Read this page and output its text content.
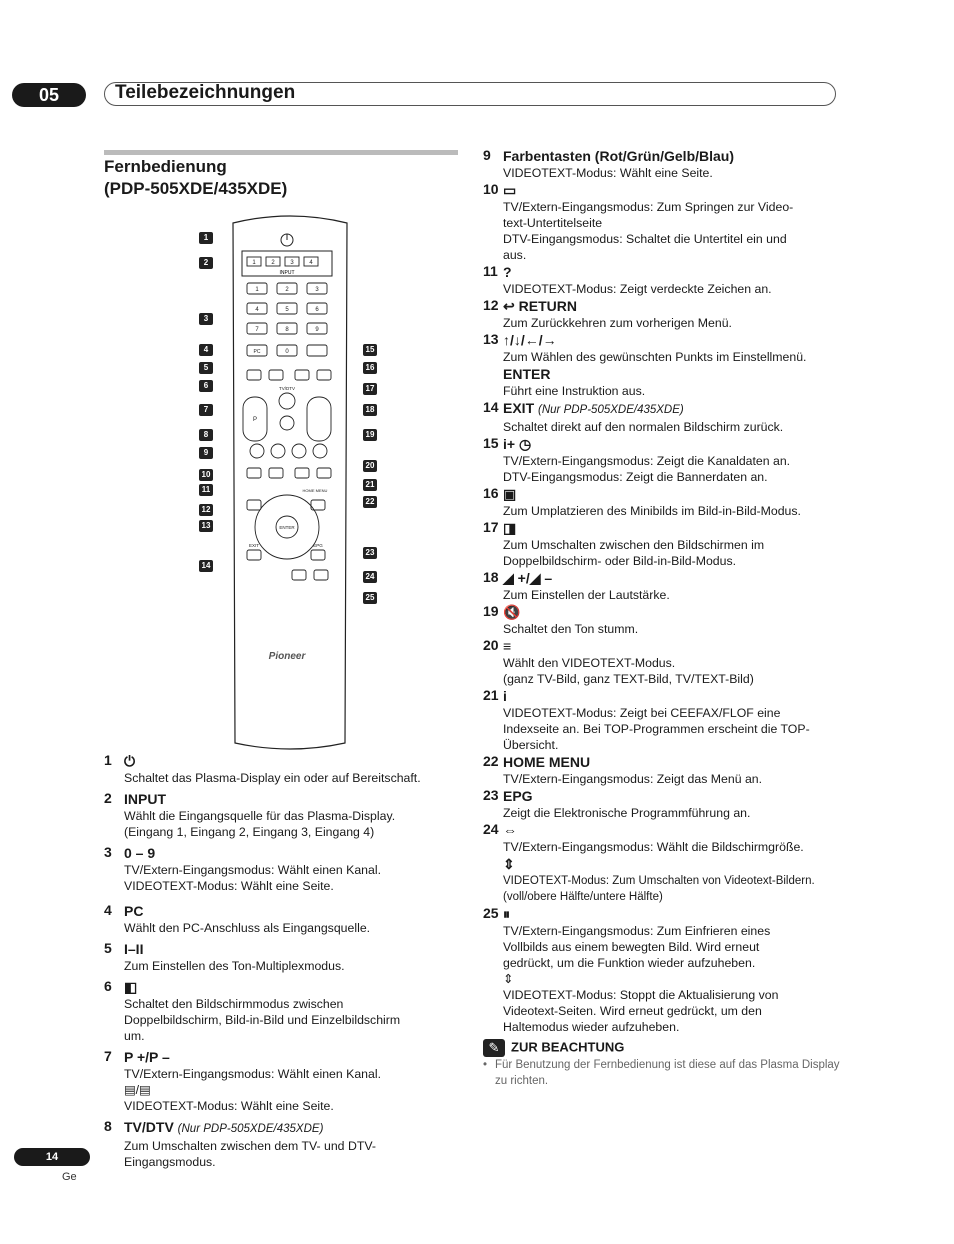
05	Teilebezeichnungen
Fernbedienung
(PDP-505XDE/435XDE)
INPUT
1	2	3	4
1	2	3
4	5	6
7	8	9
PC	0
TV/DTV
P
ENTER
HOME MENU
EXIT	EPG
Pioneer
1
2
3
4
5
6
7
8
9
10
11
12
13
14
15
16
17
18
19
20
21
22
23
24
25
1 ⏻
Schaltet das Plasma-Display ein oder auf Bereitschaft.
2 INPUT
Wählt die Eingangsquelle für das Plasma-Display.
(Eingang 1, Eingang 2, Eingang 3, Eingang 4)
3 0 – 9
TV/Extern-Eingangsmodus: Wählt einen Kanal.
VIDEOTEXT-Modus: Wählt eine Seite.
4 PC
Wählt den PC-Anschluss als Eingangsquelle.
5 I–II
Zum Einstellen des Ton-Multiplexmodus.
6 ◧
Schaltet den Bildschirmmodus zwischen
Doppelbildschirm, Bild-in-Bild und Einzelbildschirm
um.
7 P +/P –
TV/Extern-Eingangsmodus: Wählt einen Kanal.
▤/▤
VIDEOTEXT-Modus: Wählt eine Seite.
8 TV/DTV (Nur PDP-505XDE/435XDE)
Zum Umschalten zwischen dem TV- und DTV-
Eingangsmodus.
9 Farbentasten (Rot/Grün/Gelb/Blau)
VIDEOTEXT-Modus: Wählt eine Seite.
10 ▭
TV/Extern-Eingangsmodus: Zum Springen zur Video-
text-Untertitelseite
DTV-Eingangsmodus: Schaltet die Untertitel ein und
aus.
11 ?
VIDEOTEXT-Modus: Zeigt verdeckte Zeichen an.
12 ↩ RETURN
Zum Zurückkehren zum vorherigen Menü.
13 ↑/↓/←/→
Zum Wählen des gewünschten Punkts im Einstellmenü.
ENTER
Führt eine Instruktion aus.
14 EXIT (Nur PDP-505XDE/435XDE)
Schaltet direkt auf den normalen Bildschirm zurück.
15 i+ ◷
TV/Extern-Eingangsmodus: Zeigt die Kanaldaten an.
DTV-Eingangsmodus: Zeigt die Bannerdaten an.
16 ▣
Zum Umplatzieren des Minibilds im Bild-in-Bild-Modus.
17 ◨
Zum Umschalten zwischen den Bildschirmen im
Doppelbildschirm- oder Bild-in-Bild-Modus.
18 ◢ +/◢ –
Zum Einstellen der Lautstärke.
19 🔇
Schaltet den Ton stumm.
20 ≡
Wählt den VIDEOTEXT-Modus.
(ganz TV-Bild, ganz TEXT-Bild, TV/TEXT-Bild)
21 i
VIDEOTEXT-Modus: Zeigt bei CEEFAX/FLOF eine
Indexseite an. Bei TOP-Programmen erscheint die TOP-
Übersicht.
22 HOME MENU
TV/Extern-Eingangsmodus: Zeigt das Menü an.
23 EPG
Zeigt die Elektronische Programmführung an.
24 ⇔
TV/Extern-Eingangsmodus: Wählt die Bildschirmgröße.
⇕
VIDEOTEXT-Modus: Zum Umschalten von Videotext-Bildern.
(voll/obere Hälfte/untere Hälfte)
25 ⏸
TV/Extern-Eingangsmodus: Zum Einfrieren eines
Vollbilds aus einem bewegten Bild. Wird erneut
gedrückt, um die Funktion wieder aufzuheben.
⇕
VIDEOTEXT-Modus: Stoppt die Aktualisierung von
Videotext-Seiten. Wird erneut gedrückt, um den
Haltemodus wieder aufzuheben.
✎ ZUR BEACHTUNG
• Für Benutzung der Fernbedienung ist diese auf das Plasma Display zu richten.
14
Ge
